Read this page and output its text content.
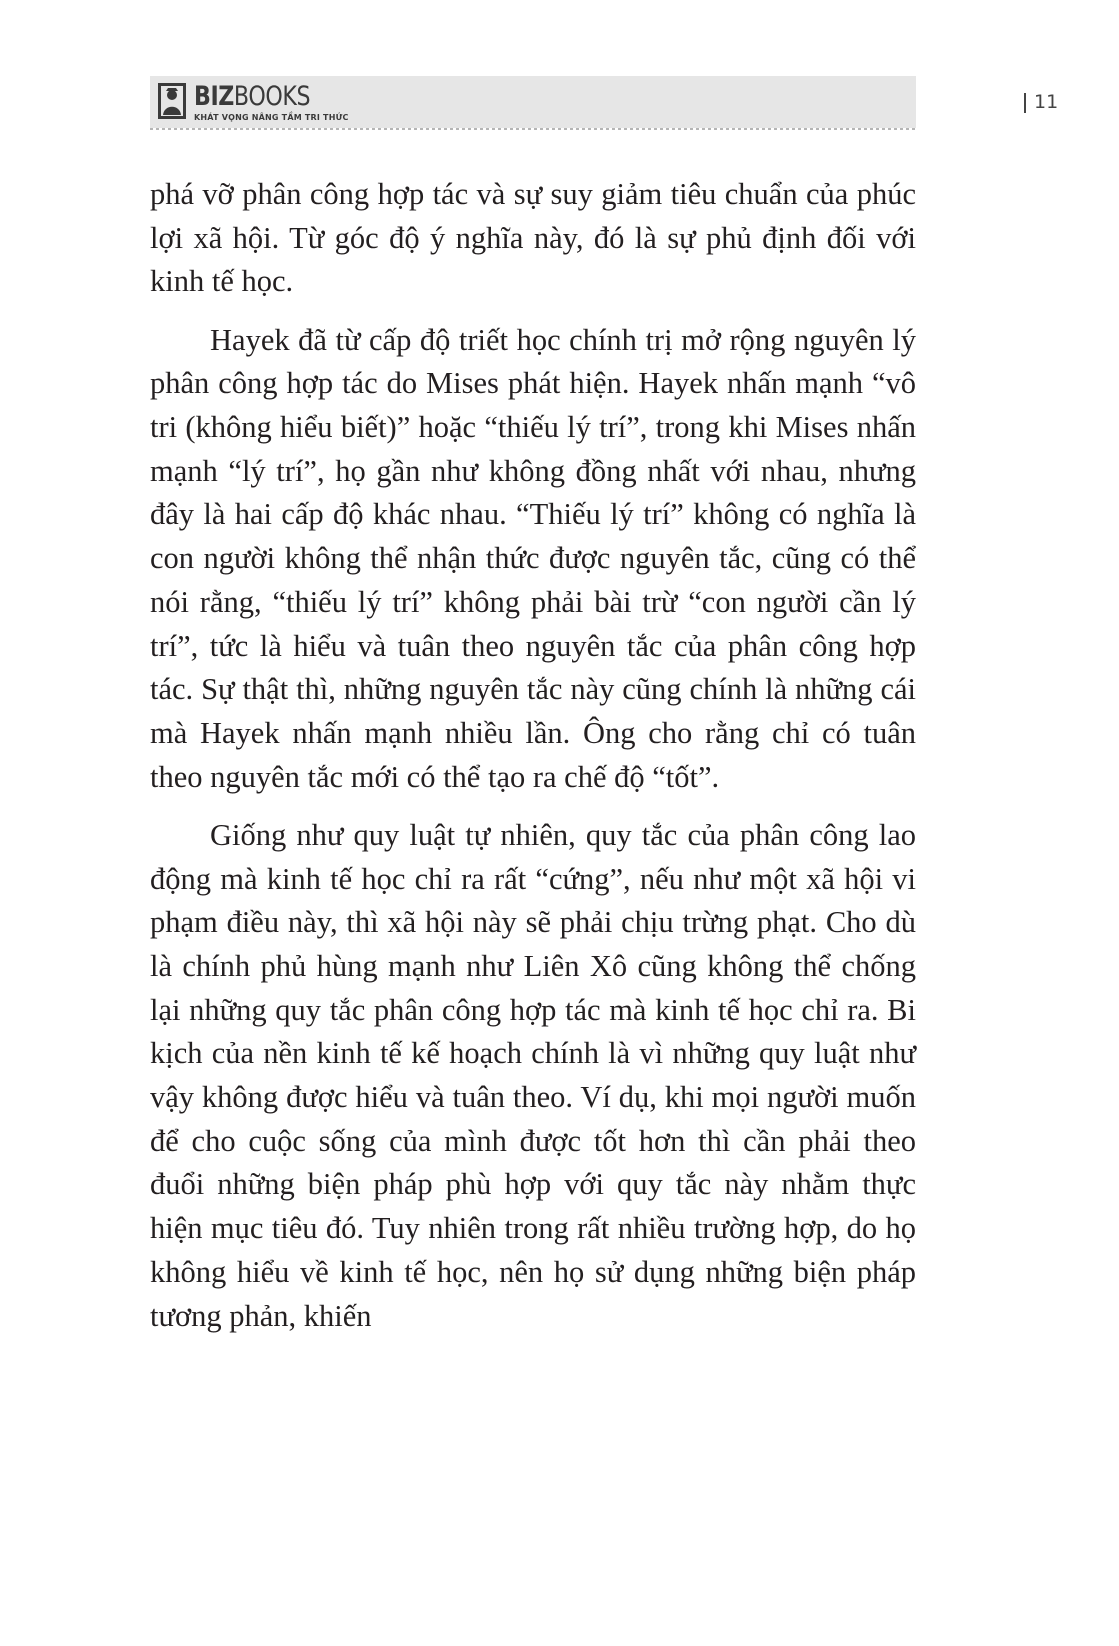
BIZBOOKS
KHÁT VỌNG NÂNG TẦM TRI THỨC
11

phá vỡ phân công hợp tác và sự suy giảm tiêu chuẩn của phúc lợi xã hội. Từ góc độ ý nghĩa này, đó là sự phủ định đối với kinh tế học.

Hayek đã từ cấp độ triết học chính trị mở rộng nguyên lý phân công hợp tác do Mises phát hiện. Hayek nhấn mạnh “vô tri (không hiểu biết)” hoặc “thiếu lý trí”, trong khi Mises nhấn mạnh “lý trí”, họ gần như không đồng nhất với nhau, nhưng đây là hai cấp độ khác nhau. “Thiếu lý trí” không có nghĩa là con người không thể nhận thức được nguyên tắc, cũng có thể nói rằng, “thiếu lý trí” không phải bài trừ “con người cần lý trí”, tức là hiểu và tuân theo nguyên tắc của phân công hợp tác. Sự thật thì, những nguyên tắc này cũng chính là những cái mà Hayek nhấn mạnh nhiều lần. Ông cho rằng chỉ có tuân theo nguyên tắc mới có thể tạo ra chế độ “tốt”.

Giống như quy luật tự nhiên, quy tắc của phân công lao động mà kinh tế học chỉ ra rất “cứng”, nếu như một xã hội vi phạm điều này, thì xã hội này sẽ phải chịu trừng phạt. Cho dù là chính phủ hùng mạnh như Liên Xô cũng không thể chống lại những quy tắc phân công hợp tác mà kinh tế học chỉ ra. Bi kịch của nền kinh tế kế hoạch chính là vì những quy luật như vậy không được hiểu và tuân theo. Ví dụ, khi mọi người muốn để cho cuộc sống của mình được tốt hơn thì cần phải theo đuổi những biện pháp phù hợp với quy tắc này nhằm thực hiện mục tiêu đó. Tuy nhiên trong rất nhiều trường hợp, do họ không hiểu về kinh tế học, nên họ sử dụng những biện pháp tương phản, khiến
